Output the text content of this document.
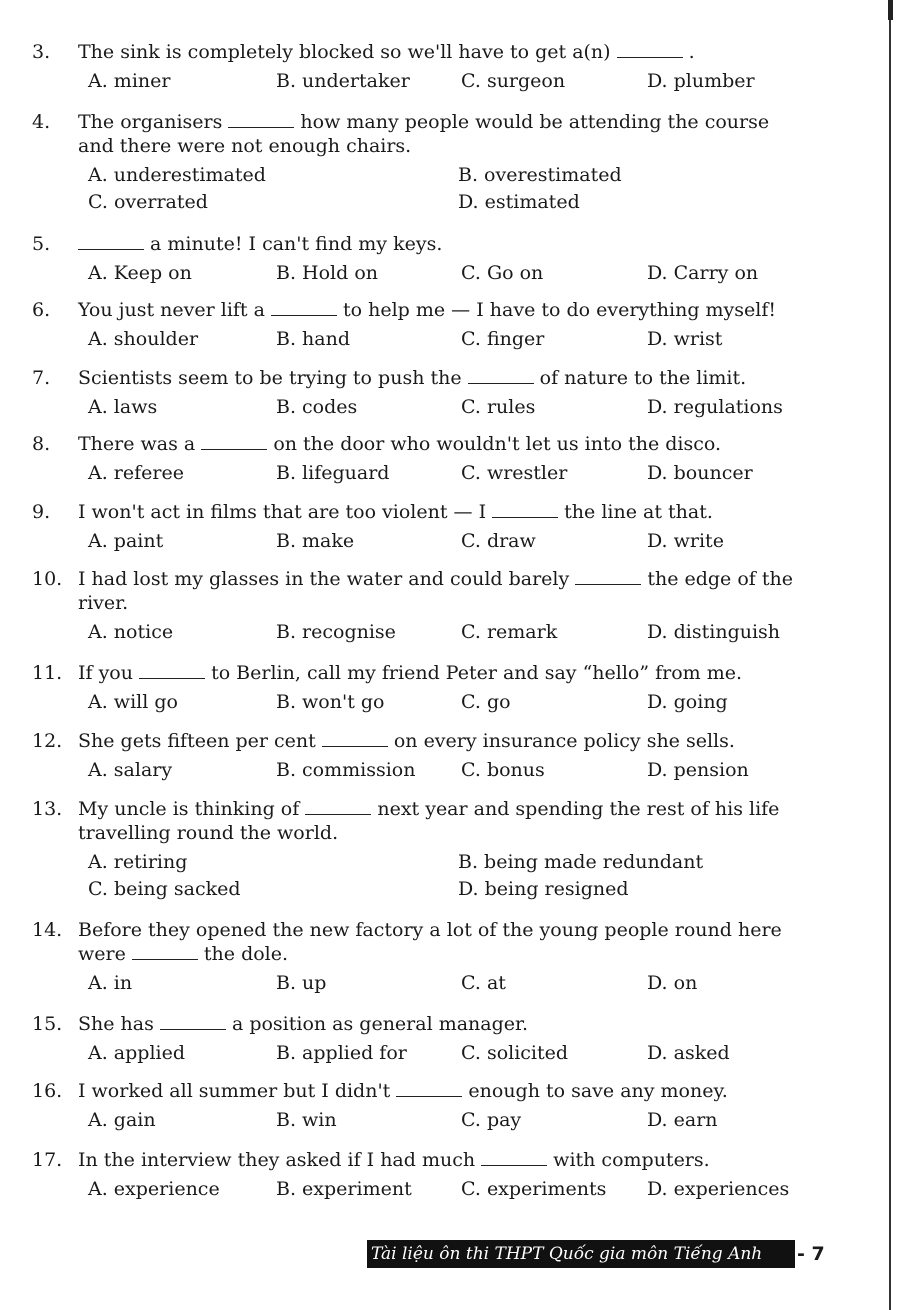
3. The sink is completely blocked so we'll have to get a(n)	.
A. miner	B. undertaker	C. surgeon	D. plumber
4. The organisers	how many people would be attending the course
and there were not enough chairs.
A. underestimated	B. overestimated
C. overrated	D. estimated
5.	a minute! I can't find my keys.
A. Keep on	B. Hold on	C. Go on	D. Carry on
6. You just never lift a	to help me — I have to do everything myself!
A. shoulder	B. hand	C. finger	D. wrist
7. Scientists seem to be trying to push the	of nature to the limit.
A. laws	B. codes	C. rules	D. regulations
8. There was a	on the door who wouldn't let us into the disco.
A. referee	B. lifeguard	C. wrestler	D. bouncer
9. I won't act in films that are too violent — I	the line at that.
A. paint	B. make	C. draw	D. write
10. I had lost my glasses in the water and could barely	the edge of the
river.
A. notice	B. recognise	C. remark	D. distinguish
11. If you	to Berlin, call my friend Peter and say “hello” from me.
A. will go	B. won't go	C. go	D. going
12. She gets fifteen per cent	on every insurance policy she sells.
A. salary	B. commission C. bonus	D. pension
13. My uncle is thinking of	next year and spending the rest of his life
travelling round the world.
A. retiring	B. being made redundant
C. being sacked	D. being resigned
14. Before they opened the new factory a lot of the young people round here
were	the dole.
A. in	B. up	C. at	D. on
15. She has	a position as general manager.
A. applied	B. applied for	C. solicited	D. asked
16. I worked all summer but I didn't	enough to save any money.
A. gain	B. win	C. pay	D. earn
17. In the interview they asked if I had much	with computers.
A. experience	B. experiment	C. experiments D. experiences
Tài liệu ôn thi THPT Quốc gia môn Tiếng Anh	- 7
